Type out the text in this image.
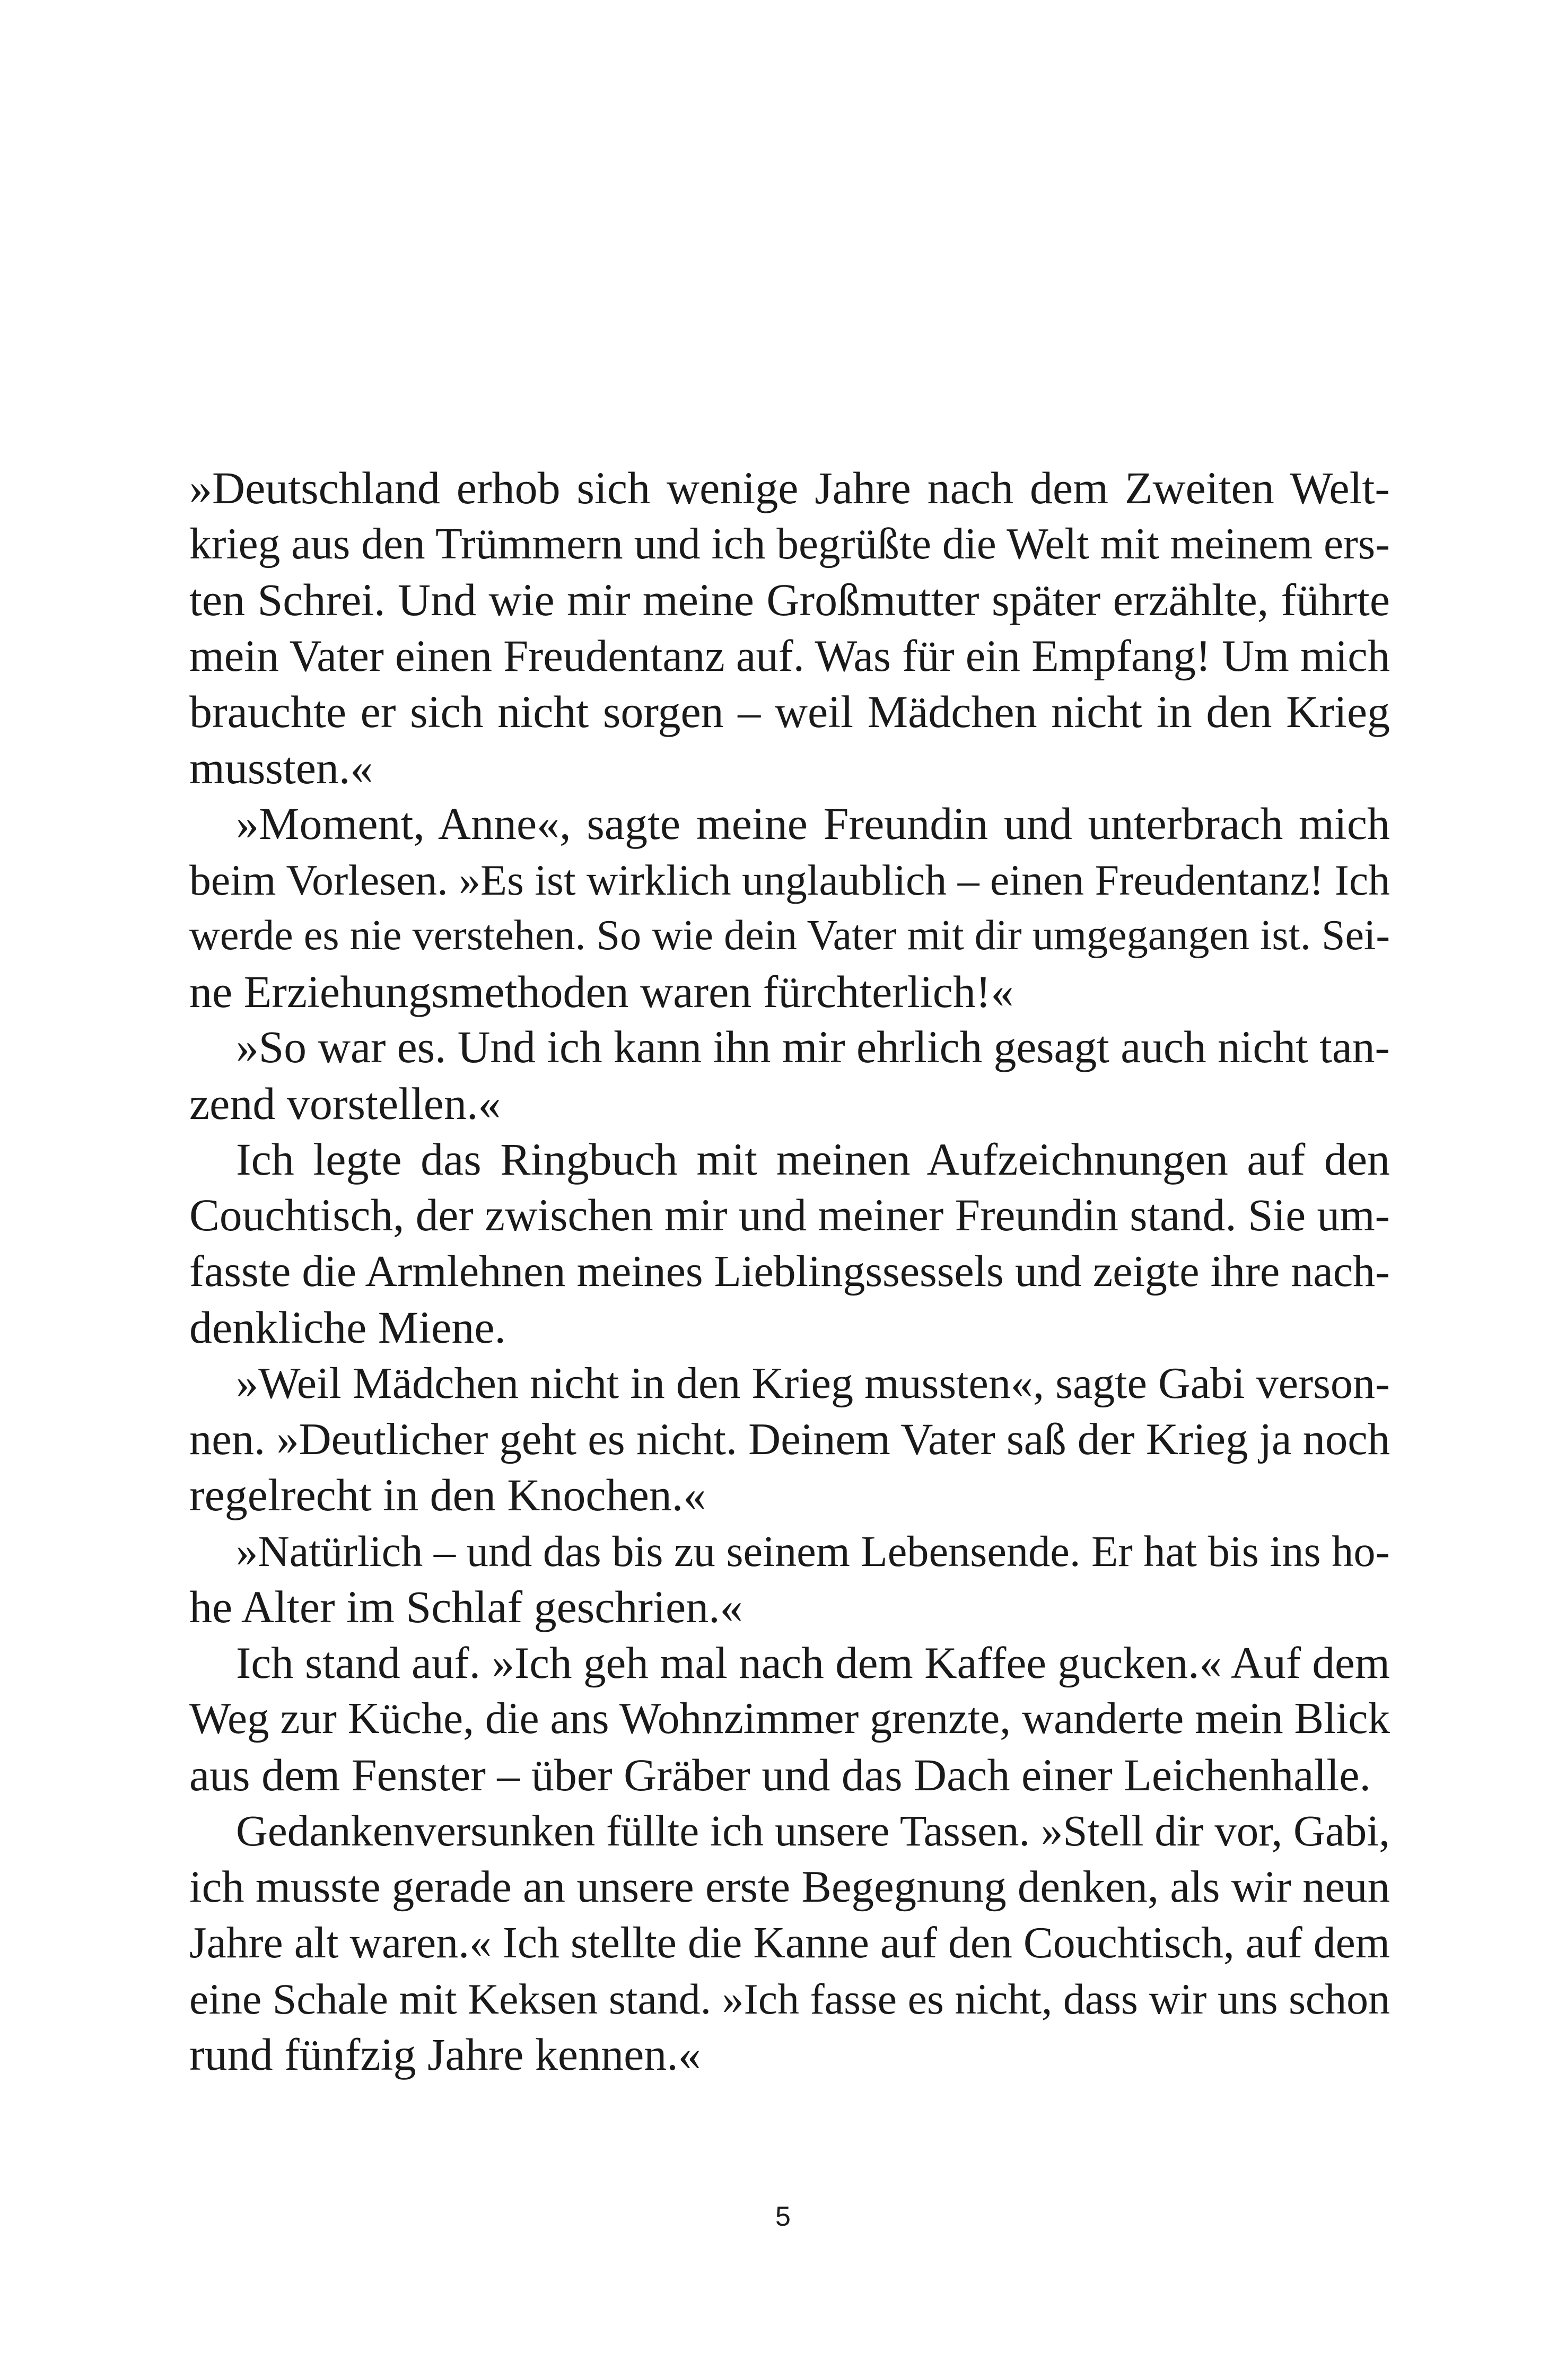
»Deutschland erhob sich wenige Jahre nach dem Zweiten Welt-
krieg aus den Trümmern und ich begrüßte die Welt mit meinem ers-
ten Schrei. Und wie mir meine Großmutter später erzählte, führte
mein Vater einen Freudentanz auf. Was für ein Empfang! Um mich
brauchte er sich nicht sorgen – weil Mädchen nicht in den Krieg
mussten.«
»Moment, Anne«, sagte meine Freundin und unterbrach mich
beim Vorlesen. »Es ist wirklich unglaublich – einen Freudentanz! Ich
werde es nie verstehen. So wie dein Vater mit dir umgegangen ist. Sei-
ne Erziehungsmethoden waren fürchterlich!«
»So war es. Und ich kann ihn mir ehrlich gesagt auch nicht tan-
zend vorstellen.«
Ich legte das Ringbuch mit meinen Aufzeichnungen auf den
Couchtisch, der zwischen mir und meiner Freundin stand. Sie um-
fasste die Armlehnen meines Lieblingssessels und zeigte ihre nach-
denkliche Miene.
»Weil Mädchen nicht in den Krieg mussten«, sagte Gabi verson-
nen. »Deutlicher geht es nicht. Deinem Vater saß der Krieg ja noch
regelrecht in den Knochen.«
»Natürlich – und das bis zu seinem Lebensende. Er hat bis ins ho-
he Alter im Schlaf geschrien.«
Ich stand auf. »Ich geh mal nach dem Kaffee gucken.« Auf dem
Weg zur Küche, die ans Wohnzimmer grenzte, wanderte mein Blick
aus dem Fenster – über Gräber und das Dach einer Leichenhalle.
Gedankenversunken füllte ich unsere Tassen. »Stell dir vor, Gabi,
ich musste gerade an unsere erste Begegnung denken, als wir neun
Jahre alt waren.« Ich stellte die Kanne auf den Couchtisch, auf dem
eine Schale mit Keksen stand. »Ich fasse es nicht, dass wir uns schon
rund fünfzig Jahre kennen.«
5
